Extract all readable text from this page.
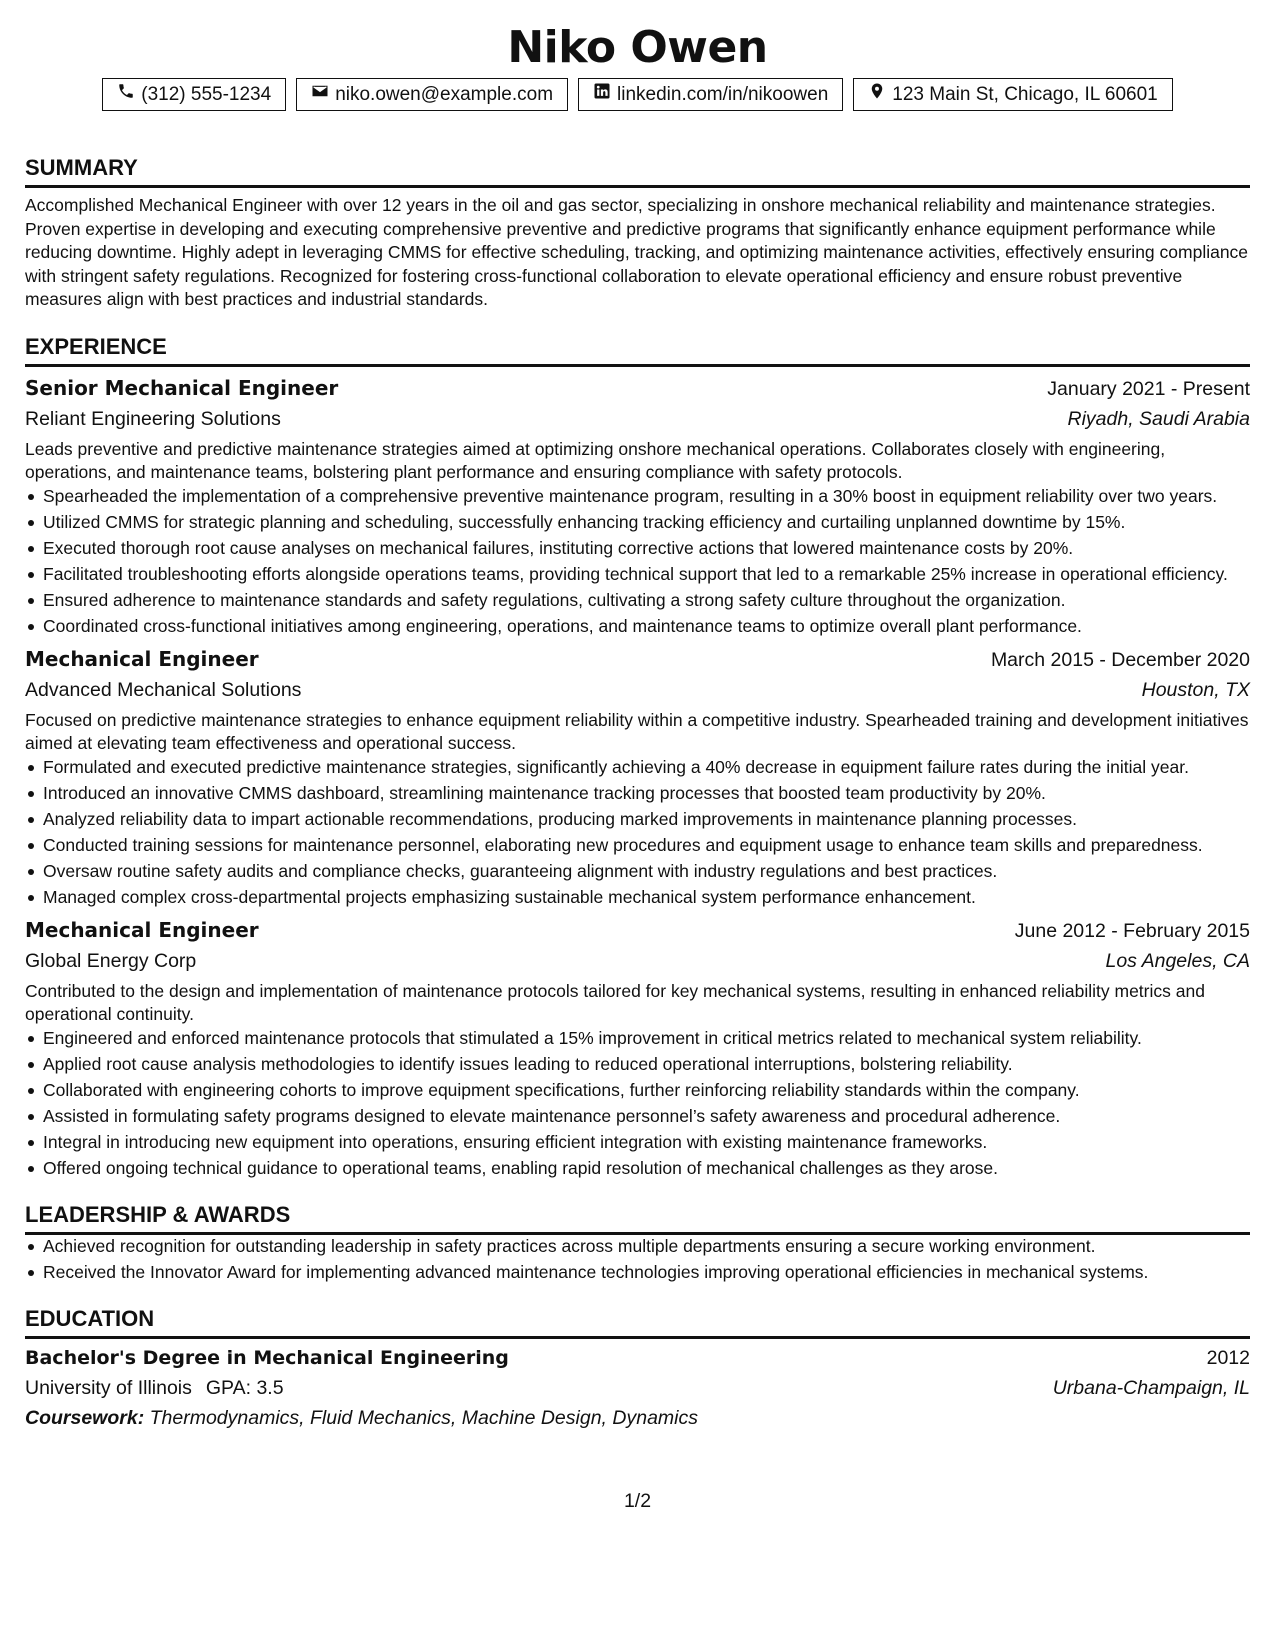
Niko Owen
(312) 555-1234	niko.owen@example.com	linkedin.com/in/nikoowen	123 Main St, Chicago, IL 60601
SUMMARY
Accomplished Mechanical Engineer with over 12 years in the oil and gas sector, specializing in onshore mechanical reliability and maintenance strategies. Proven expertise in developing and executing comprehensive preventive and predictive programs that significantly enhance equipment performance while reducing downtime. Highly adept in leveraging CMMS for effective scheduling, tracking, and optimizing maintenance activities, effectively ensuring compliance with stringent safety regulations. Recognized for fostering cross-functional collaboration to elevate operational efficiency and ensure robust preventive measures align with best practices and industrial standards.
EXPERIENCE
Senior Mechanical Engineer	January 2021 - Present
Reliant Engineering Solutions	Riyadh, Saudi Arabia
Leads preventive and predictive maintenance strategies aimed at optimizing onshore mechanical operations. Collaborates closely with engineering, operations, and maintenance teams, bolstering plant performance and ensuring compliance with safety protocols.
Spearheaded the implementation of a comprehensive preventive maintenance program, resulting in a 30% boost in equipment reliability over two years.
Utilized CMMS for strategic planning and scheduling, successfully enhancing tracking efficiency and curtailing unplanned downtime by 15%.
Executed thorough root cause analyses on mechanical failures, instituting corrective actions that lowered maintenance costs by 20%.
Facilitated troubleshooting efforts alongside operations teams, providing technical support that led to a remarkable 25% increase in operational efficiency.
Ensured adherence to maintenance standards and safety regulations, cultivating a strong safety culture throughout the organization.
Coordinated cross-functional initiatives among engineering, operations, and maintenance teams to optimize overall plant performance.
Mechanical Engineer	March 2015 - December 2020
Advanced Mechanical Solutions	Houston, TX
Focused on predictive maintenance strategies to enhance equipment reliability within a competitive industry. Spearheaded training and development initiatives aimed at elevating team effectiveness and operational success.
Formulated and executed predictive maintenance strategies, significantly achieving a 40% decrease in equipment failure rates during the initial year.
Introduced an innovative CMMS dashboard, streamlining maintenance tracking processes that boosted team productivity by 20%.
Analyzed reliability data to impart actionable recommendations, producing marked improvements in maintenance planning processes.
Conducted training sessions for maintenance personnel, elaborating new procedures and equipment usage to enhance team skills and preparedness.
Oversaw routine safety audits and compliance checks, guaranteeing alignment with industry regulations and best practices.
Managed complex cross-departmental projects emphasizing sustainable mechanical system performance enhancement.
Mechanical Engineer	June 2012 - February 2015
Global Energy Corp	Los Angeles, CA
Contributed to the design and implementation of maintenance protocols tailored for key mechanical systems, resulting in enhanced reliability metrics and operational continuity.
Engineered and enforced maintenance protocols that stimulated a 15% improvement in critical metrics related to mechanical system reliability.
Applied root cause analysis methodologies to identify issues leading to reduced operational interruptions, bolstering reliability.
Collaborated with engineering cohorts to improve equipment specifications, further reinforcing reliability standards within the company.
Assisted in formulating safety programs designed to elevate maintenance personnel’s safety awareness and procedural adherence.
Integral in introducing new equipment into operations, ensuring efficient integration with existing maintenance frameworks.
Offered ongoing technical guidance to operational teams, enabling rapid resolution of mechanical challenges as they arose.
LEADERSHIP & AWARDS
Achieved recognition for outstanding leadership in safety practices across multiple departments ensuring a secure working environment.
Received the Innovator Award for implementing advanced maintenance technologies improving operational efficiencies in mechanical systems.
EDUCATION
Bachelor's Degree in Mechanical Engineering	2012
University of Illinois GPA: 3.5	Urbana-Champaign, IL
Coursework: Thermodynamics, Fluid Mechanics, Machine Design, Dynamics
1/2
